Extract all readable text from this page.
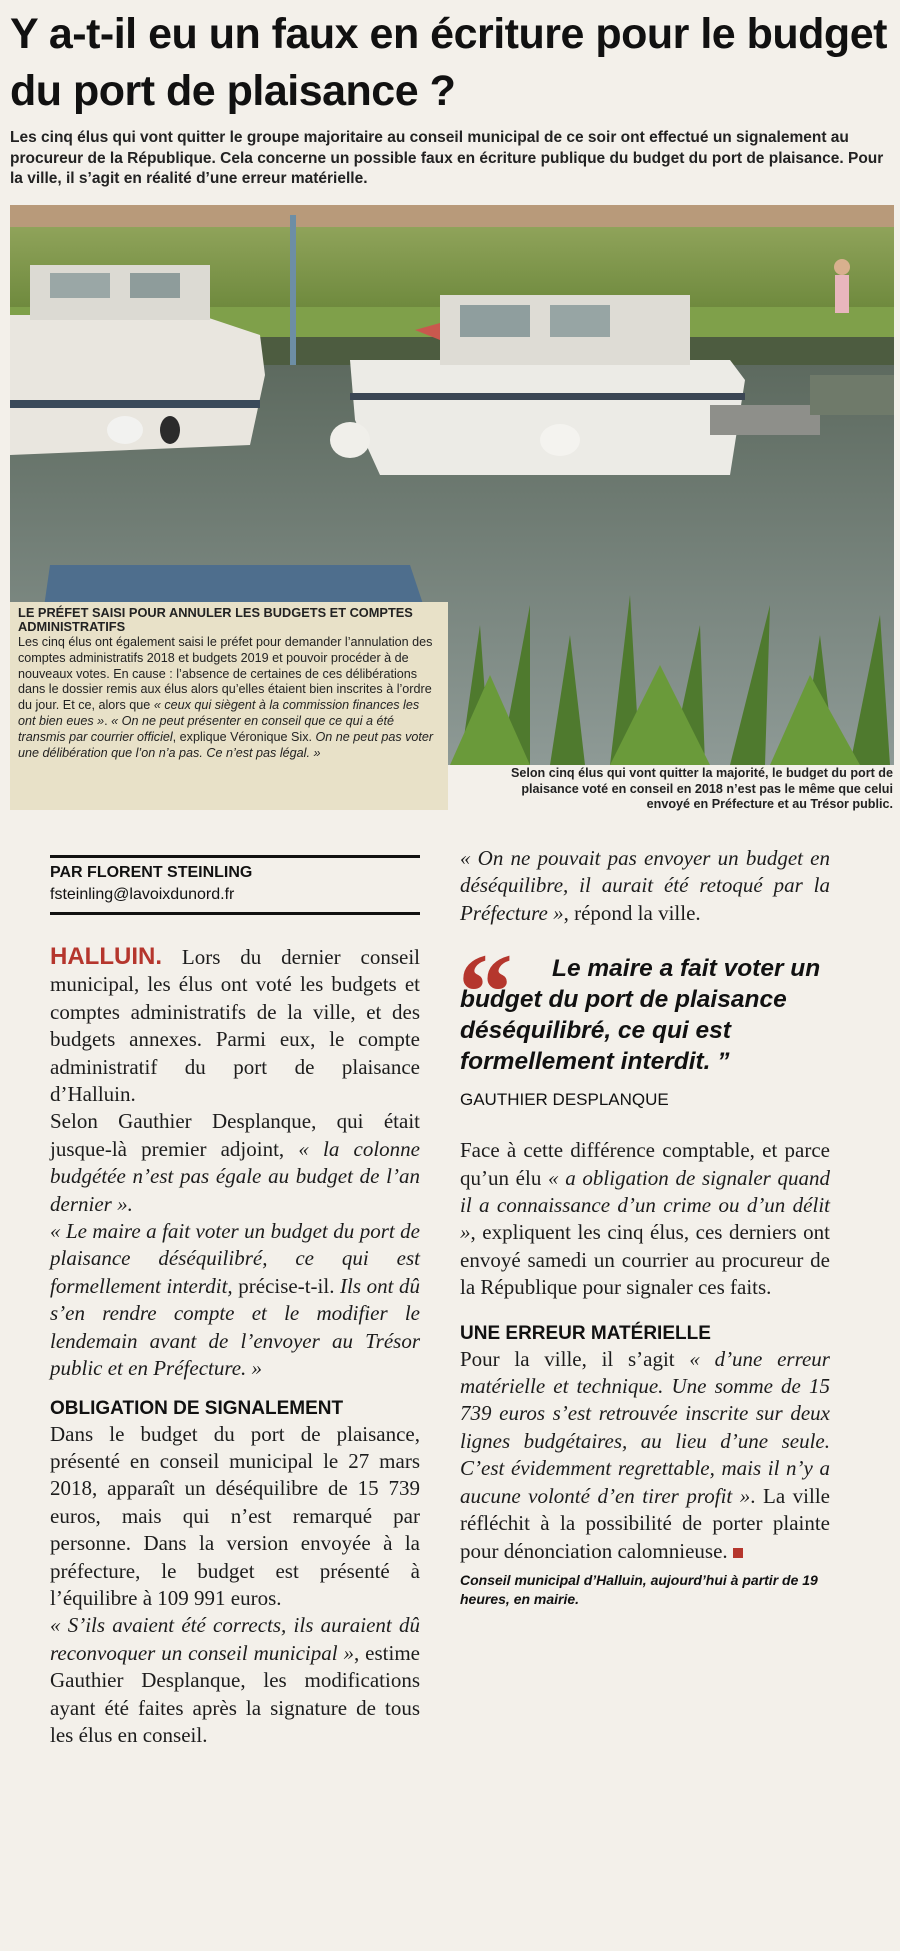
Y a-t-il eu un faux en écriture pour le budget du port de plaisance ?
Les cinq élus qui vont quitter le groupe majoritaire au conseil municipal de ce soir ont effectué un signalement au procureur de la République. Cela concerne un possible faux en écriture publique du budget du port de plaisance. Pour la ville, il s’agit en réalité d’une erreur matérielle.
LE PRÉFET SAISI POUR ANNULER LES BUDGETS ET COMPTES ADMINISTRATIFS
Les cinq élus ont également saisi le préfet pour demander l’annulation des comptes administratifs 2018 et budgets 2019 et pouvoir procéder à de nouveaux votes. En cause : l’absence de certaines de ces délibérations dans le dossier remis aux élus alors qu’elles étaient bien inscrites à l’ordre du jour. Et ce, alors que « ceux qui siègent à la commission finances les ont bien eues ». « On ne peut présenter en conseil que ce qui a été transmis par courrier officiel, explique Véronique Six. On ne peut pas voter une délibération que l’on n’a pas. Ce n’est pas légal. »
Selon cinq élus qui vont quitter la majorité, le budget du port de plaisance voté en conseil en 2018 n’est pas le même que celui envoyé en Préfecture et au Trésor public.
PAR FLORENT STEINLING
fsteinling@lavoixdunord.fr

HALLUIN. Lors du dernier conseil municipal, les élus ont voté les budgets et comptes administratifs de la ville, et des budgets annexes. Parmi eux, le compte administratif du port de plaisance d’Halluin.

Selon Gauthier Desplanque, qui était jusque-là premier adjoint, « la colonne budgétée n’est pas égale au budget de l’an dernier ».

« Le maire a fait voter un budget du port de plaisance déséquilibré, ce qui est formellement interdit, précise-t-il. Ils ont dû s’en rendre compte et le modifier le lendemain avant de l’envoyer au Trésor public et en Préfecture. »

OBLIGATION DE SIGNALEMENT

Dans le budget du port de plaisance, présenté en conseil municipal le 27 mars 2018, apparaît un déséquilibre de 15 739 euros, mais qui n’est remarqué par personne. Dans la version envoyée à la préfecture, le budget est présenté à l’équilibre à 109 991 euros.

« S’ils avaient été corrects, ils auraient dû reconvoquer un conseil municipal », estime Gauthier Desplanque, les modifications ayant été faites après la signature de tous les élus en conseil.

« On ne pouvait pas envoyer un budget en déséquilibre, il aurait été retoqué par la Préfecture », répond la ville.

“	Le maire a fait voter un budget du port de plaisance déséquilibré, ce qui est formellement interdit. ”
GAUTHIER DESPLANQUE

Face à cette différence comptable, et parce qu’un élu « a obligation de signaler quand il a connaissance d’un crime ou d’un délit », expliquent les cinq élus, ces derniers ont envoyé samedi un courrier au procureur de la République pour signaler ces faits.

UNE ERREUR MATÉRIELLE

Pour la ville, il s’agit « d’une erreur matérielle et technique. Une somme de 15 739 euros s’est retrouvée inscrite sur deux lignes budgétaires, au lieu d’une seule. C’est évidemment regrettable, mais il n’y a aucune volonté d’en tirer profit ». La ville réfléchit à la possibilité de porter plainte pour dénonciation calomnieuse.

Conseil municipal d’Halluin, aujourd’hui à partir de 19 heures, en mairie.
